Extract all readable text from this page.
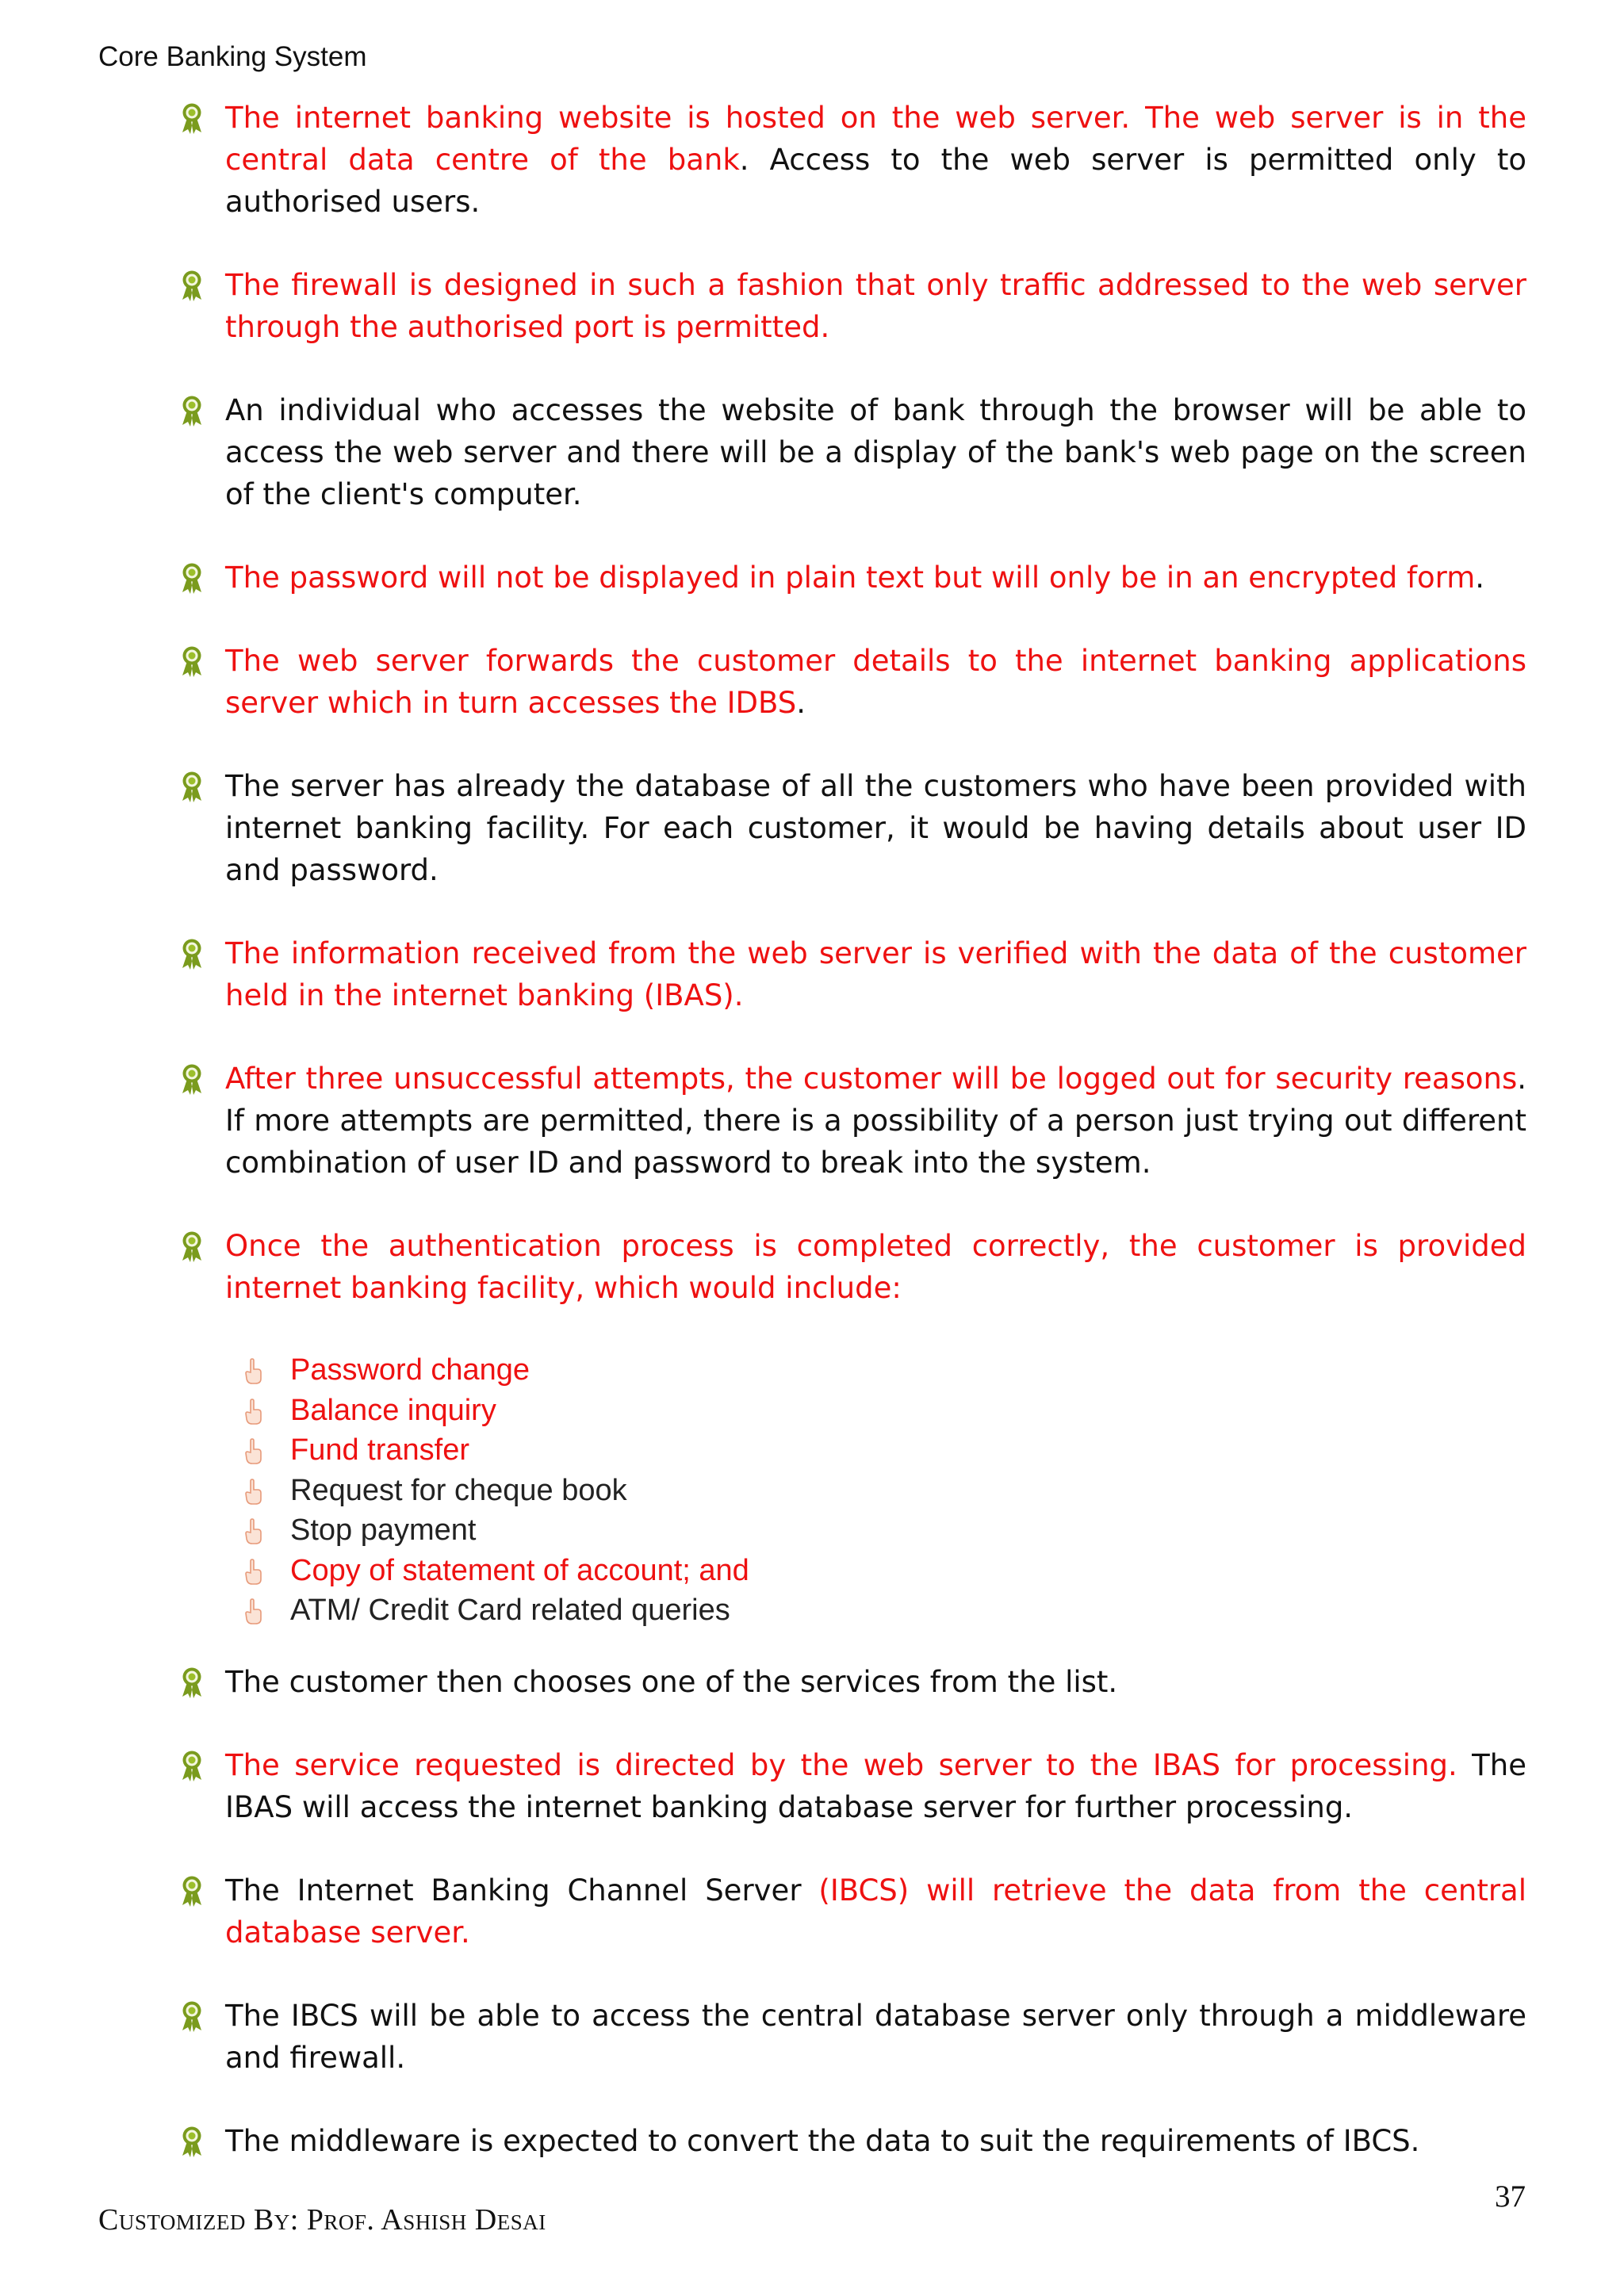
Core Banking System

The internet banking website is hosted on the web server. The web server is in the central data centre of the bank. Access to the web server is permitted only to authorised users.

The firewall is designed in such a fashion that only traffic addressed to the web server through the authorised port is permitted.

An individual who accesses the website of bank through the browser will be able to access the web server and there will be a display of the bank's web page on the screen of the client's computer.

The password will not be displayed in plain text but will only be in an encrypted form.

The web server forwards the customer details to the internet banking applications server which in turn accesses the IDBS.

The server has already the database of all the customers who have been provided with internet banking facility. For each customer, it would be having details about user ID and password.

The information received from the web server is verified with the data of the customer held in the internet banking (IBAS).

After three unsuccessful attempts, the customer will be logged out for security reasons. If more attempts are permitted, there is a possibility of a person just trying out different combination of user ID and password to break into the system.

Once the authentication process is completed correctly, the customer is provided internet banking facility, which would include:

Password change
Balance inquiry
Fund transfer
Request for cheque book
Stop payment
Copy of statement of account; and
ATM/ Credit Card related queries

The customer then chooses one of the services from the list.

The service requested is directed by the web server to the IBAS for processing. The IBAS will access the internet banking database server for further processing.

The Internet Banking Channel Server (IBCS) will retrieve the data from the central database server.

The IBCS will be able to access the central database server only through a middleware and firewall.

The middleware is expected to convert the data to suit the requirements of IBCS.

37
Customized By: Prof. Ashish Desai
